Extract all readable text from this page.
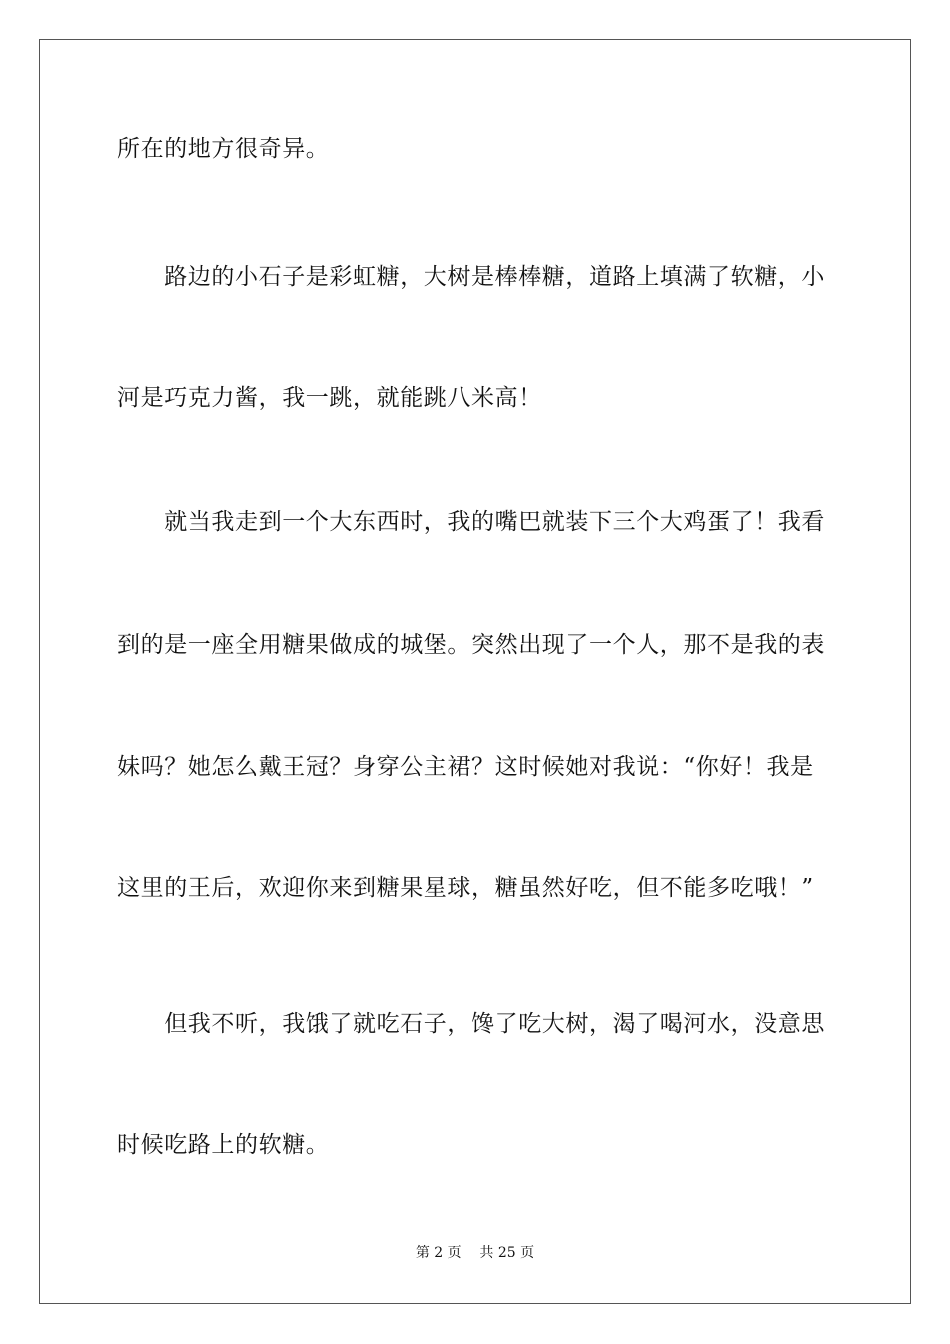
所在的地方很奇异。
　　路边的小石子是彩虹糖，大树是棒棒糖，道路上填满了软糖，小
河是巧克力酱，我一跳，就能跳八米高！
　　就当我走到一个大东西时，我的嘴巴就装下三个大鸡蛋了！我看
到的是一座全用糖果做成的城堡。突然出现了一个人，那不是我的表
妹吗？她怎么戴王冠？身穿公主裙？这时候她对我说：“你好！我是
这里的王后，欢迎你来到糖果星球，糖虽然好吃，但不能多吃哦！”
　　但我不听，我饿了就吃石子，馋了吃大树，渴了喝河水，没意思
时候吃路上的软糖。
第 2 页    共 25 页
